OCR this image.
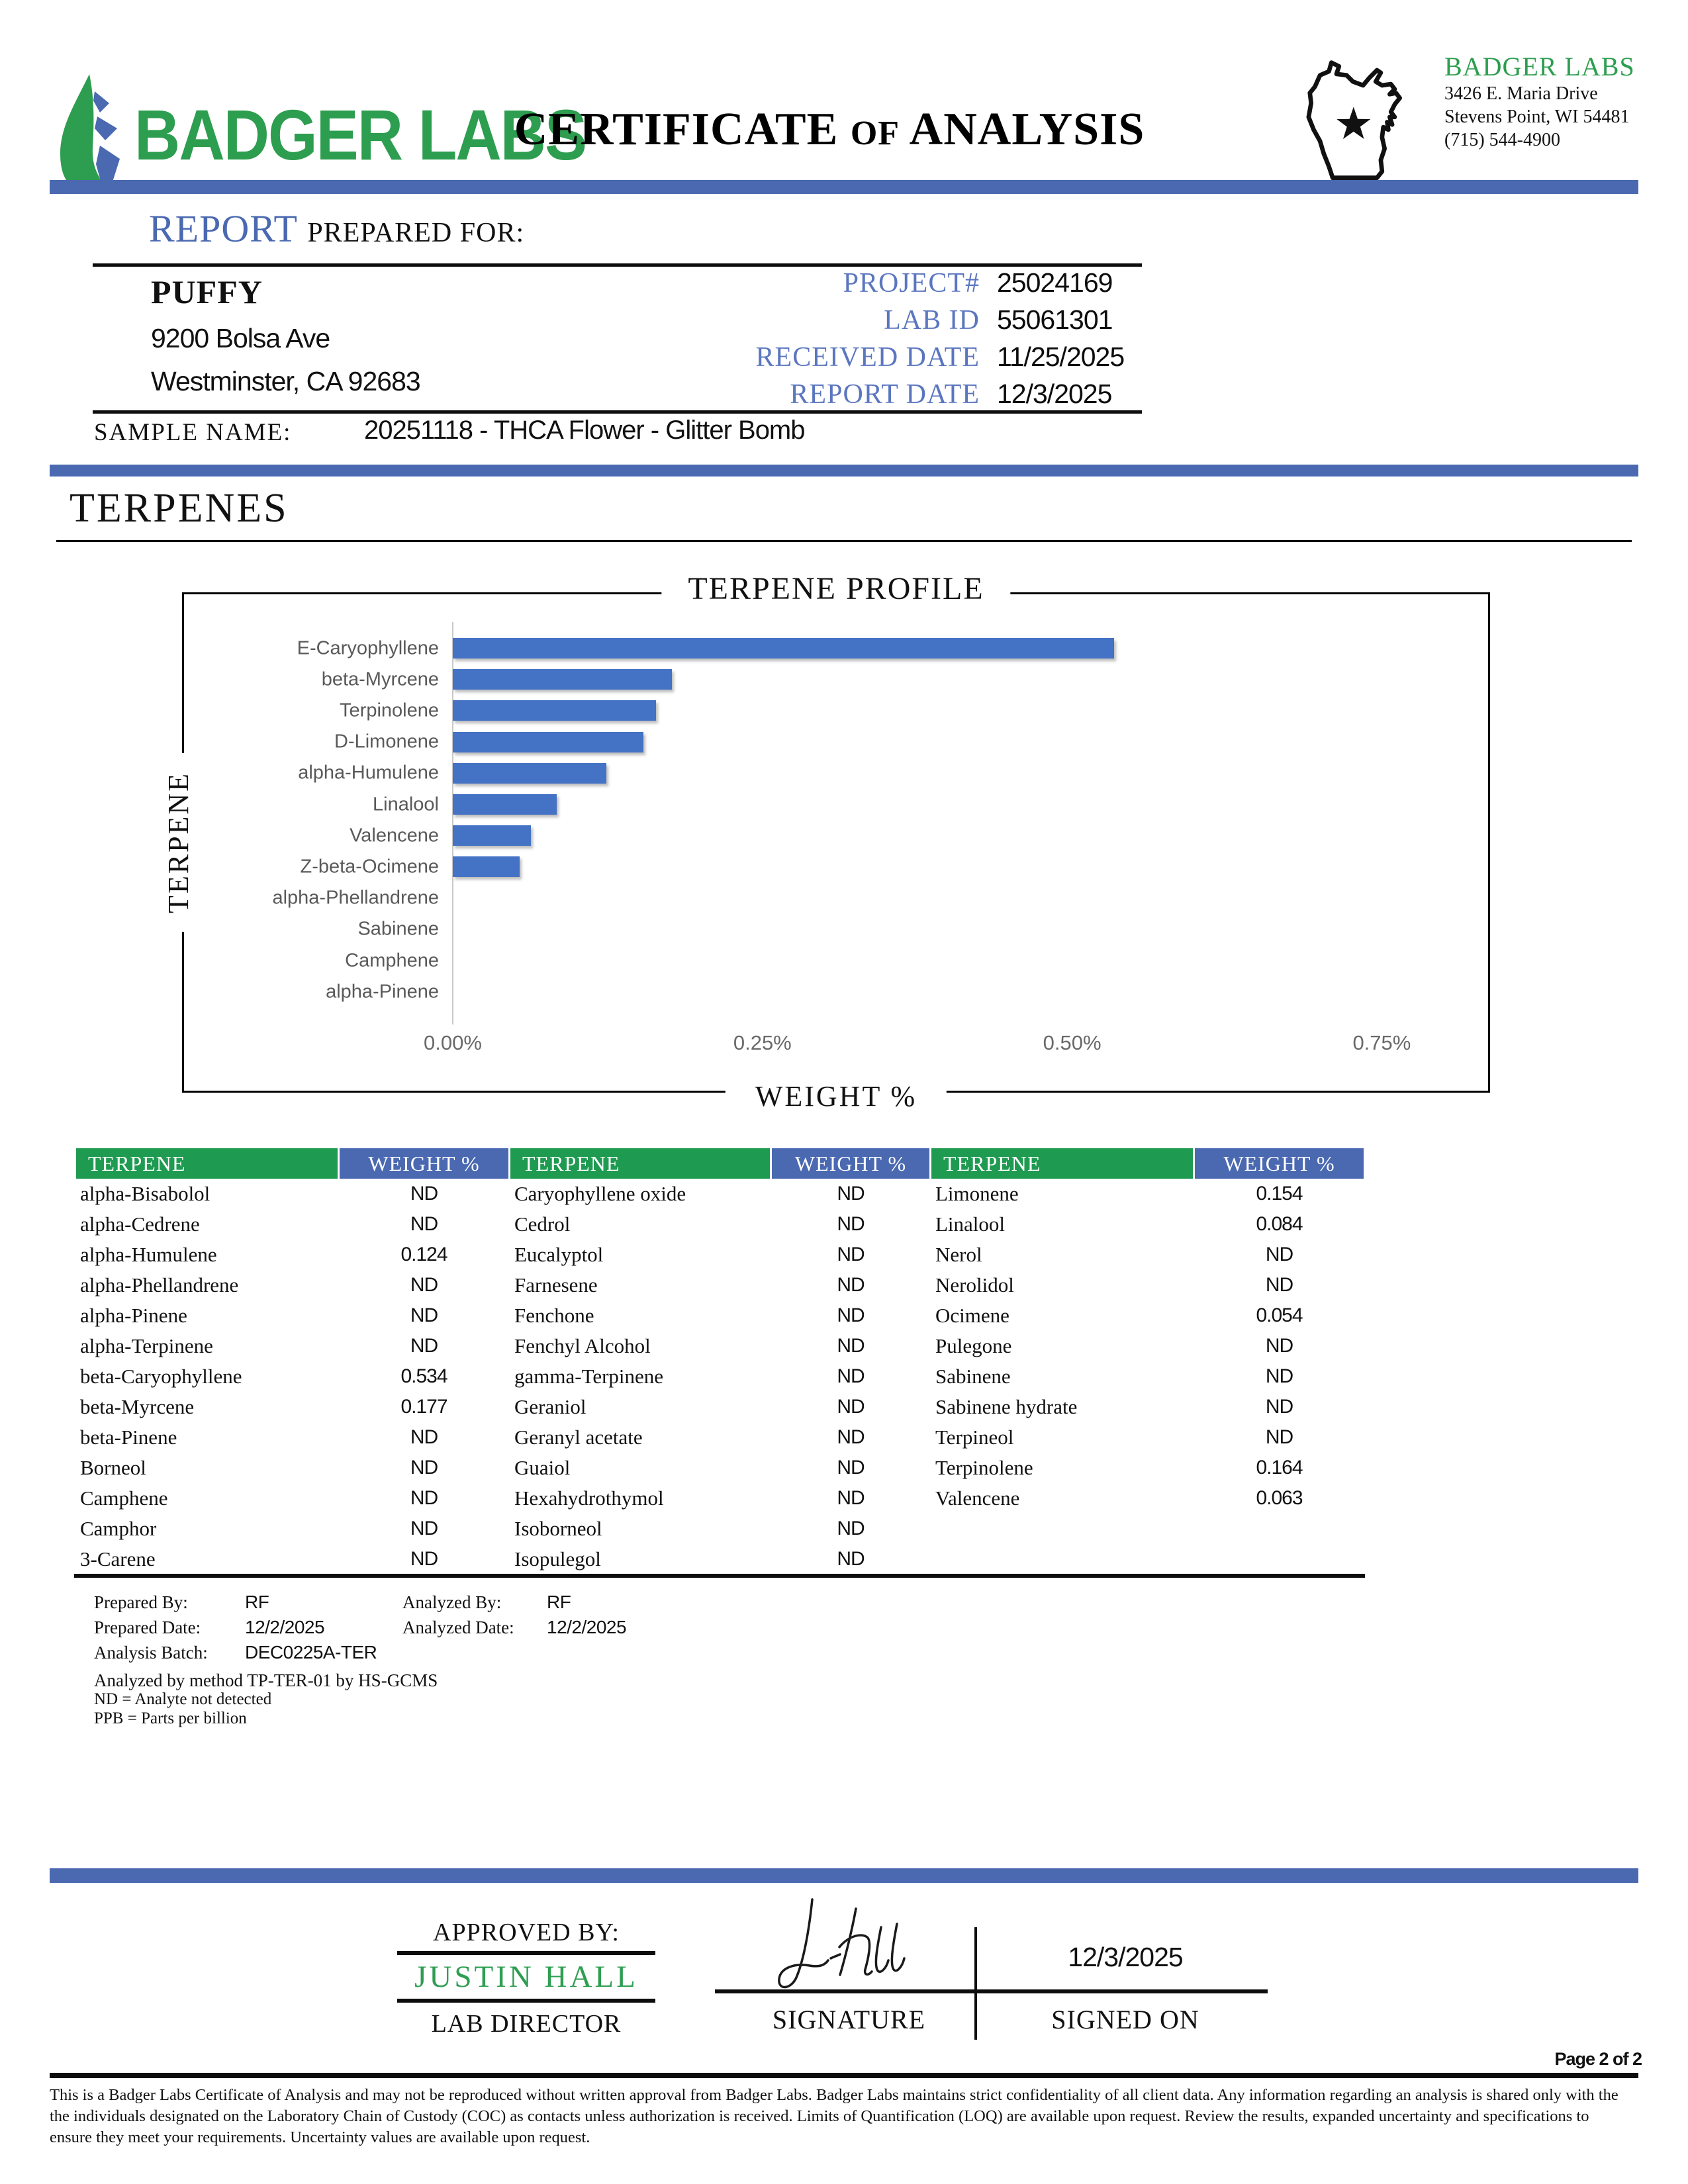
BADGER LABS
CERTIFICATE OF ANALYSIS
BADGER LABS
3426 E. Maria Drive
Stevens Point, WI 54481
(715) 544-4900
REPORT PREPARED FOR:
PUFFY
9200 Bolsa Ave
Westminster, CA 92683
PROJECT# 25024169
LAB ID 55061301
RECEIVED DATE 11/25/2025
REPORT DATE 12/3/2025
SAMPLE NAME:	20251118 - THCA Flower - Glitter Bomb
TERPENES
TERPENE PROFILE
TERPENE
WEIGHT %
E-Caryophyllene
beta-Myrcene
Terpinolene
D-Limonene
alpha-Humulene
Linalool
Valencene
Z-beta-Ocimene
alpha-Phellandrene
Sabinene
Camphene
alpha-Pinene
0.00%	0.25%	0.50%	0.75%
TERPENE	WEIGHT %	TERPENE	WEIGHT %	TERPENE	WEIGHT %
alpha-Bisabolol	ND	Caryophyllene oxide	ND	Limonene	0.154
alpha-Cedrene	ND	Cedrol	ND	Linalool	0.084
alpha-Humulene	0.124	Eucalyptol	ND	Nerol	ND
alpha-Phellandrene	ND	Farnesene	ND	Nerolidol	ND
alpha-Pinene	ND	Fenchone	ND	Ocimene	0.054
alpha-Terpinene	ND	Fenchyl Alcohol	ND	Pulegone	ND
beta-Caryophyllene	0.534	gamma-Terpinene	ND	Sabinene	ND
beta-Myrcene	0.177	Geraniol	ND	Sabinene hydrate	ND
beta-Pinene	ND	Geranyl acetate	ND	Terpineol	ND
Borneol	ND	Guaiol	ND	Terpinolene	0.164
Camphene	ND	Hexahydrothymol	ND	Valencene	0.063
Camphor	ND	Isoborneol	ND
3-Carene	ND	Isopulegol	ND
Prepared By:	RF	Analyzed By: RF
Prepared Date: 12/2/2025	Analyzed Date: 12/2/2025
Analysis Batch: DEC0225A-TER
Analyzed by method TP-TER-01 by HS-GCMS
ND = Analyte not detected
PPB = Parts per billion
APPROVED BY:
JUSTIN HALL
LAB DIRECTOR
12/3/2025
SIGNATURE	SIGNED ON
Page 2 of 2
This is a Badger Labs Certificate of Analysis and may not be reproduced without written approval from Badger Labs. Badger Labs maintains strict confidentiality of all client data. Any information regarding an analysis is shared only with the
the individuals designated on the Laboratory Chain of Custody (COC) as contacts unless authorization is received. Limits of Quantification (LOQ) are available upon request. Review the results, expanded uncertainty and specifications to
ensure they meet your requirements. Uncertainty values are available upon request.
